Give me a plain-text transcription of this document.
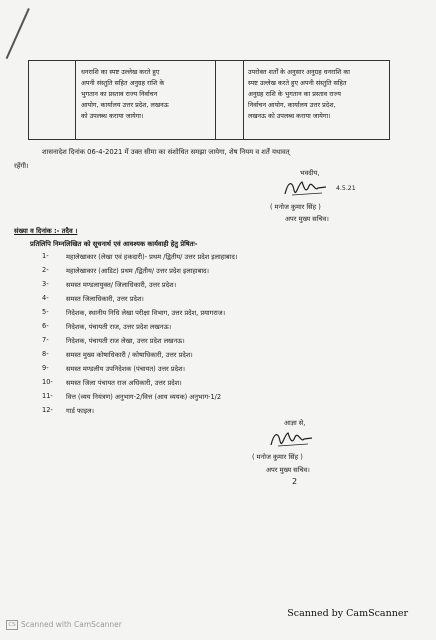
धनराशि का स्पष्ट उल्लेख करते हुए
अपनी संस्तुति सहित अनुग्रह राशि के
भुगतान का प्रस्ताव राज्य निर्वाचन
आयोग, कार्यालय उत्तर प्रदेश, लखनऊ
को उपलब्ध कराया जायेगा।
उपरोक्त शर्तों के अनुसार अनुग्रह धनराशि का
स्पष्ट उल्लेख करते हुए अपनी संस्तुति सहित
अनुग्रह राशि के भुगतान का प्रस्ताव राज्य
निर्वाचन आयोग, कार्यालय उत्तर प्रदेश,
लखनऊ को उपलब्ध कराया जायेगा।
शासनादेश दिनांक 06-4-2021 में उक्त सीमा का संशोधित समझा जायेगा, शेष नियम व शर्तें यथावत्
रहेंगी।
भवदीय,
4.5.21
( मनोज कुमार सिंह )
अपर मुख्य सचिव।
संख्या व दिनांक :- तदैव ।
प्रतिलिपि निम्नलिखित को सूचनार्थ एवं आवश्यक कार्यवाही हेतु प्रेषितः-
1-	महालेखाकार (लेखा एवं हकदारी)- प्रथम /द्वितीय/ उत्तर प्रदेश इलाहाबाद।
2-	महालेखाकार (आडिट) प्रथम /द्वितीय/ उत्तर प्रदेश इलाहाबाद।
3-	समस्त मण्डलायुक्त/ जिलाधिकारी, उत्तर प्रदेश।
4-	समस्त जिलाधिकारी, उत्तर प्रदेश।
5-	निदेशक, स्थानीय निधि लेखा परीक्षा विभाग, उत्तर प्रदेश, प्रयागराज।
6-	निदेशक, पंचायती राज, उत्तर प्रदेश लखनऊ।
7-	निदेशक, पंचायती राज लेखा, उत्तर प्रदेश लखनऊ।
8-	समस्त मुख्य कोषाधिकारी / कोषाधिकारी, उत्तर प्रदेश।
9-	समस्त मण्डलीय उपनिदेशक (पंचायत) उत्तर प्रदेश।
10- समस्त जिला पंचायत राज अधिकारी, उत्तर प्रदेश।
11- वित्त (व्यय नियंत्रण) अनुभाग-2/वित्त (आय व्ययक) अनुभाग-1/2
12- गार्ड फाइल।
आज्ञा से,
( मनोज कुमार सिंह )
अपर मुख्य सचिव।
2
Scanned by CamScanner
CS Scanned with CamScanner
